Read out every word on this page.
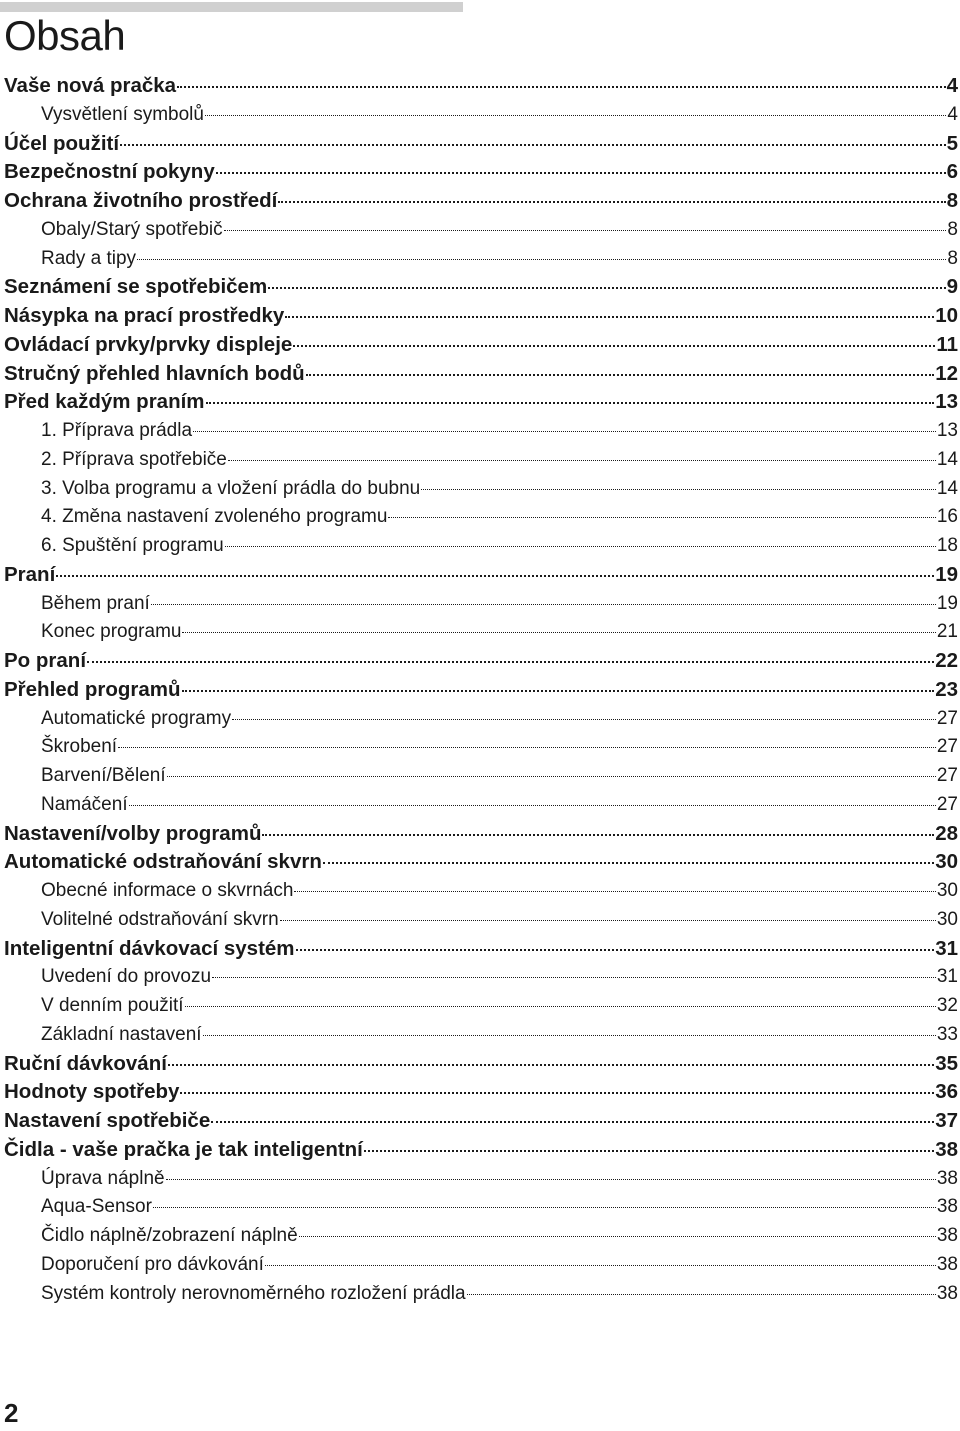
Obsah
Vaše nová pračka	4
Vysvětlení symbolů	4
Účel použití	5
Bezpečnostní pokyny	6
Ochrana životního prostředí	8
Obaly/Starý spotřebič	8
Rady a tipy	8
Seznámení se spotřebičem	9
Násypka na prací prostředky	10
Ovládací prvky/prvky displeje	11
Stručný přehled hlavních bodů	12
Před každým praním	13
1. Příprava prádla	13
2. Příprava spotřebiče	14
3. Volba programu a vložení prádla do bubnu	14
4. Změna nastavení zvoleného programu	16
6. Spuštění programu	18
Praní	19
Během praní	19
Konec programu	21
Po praní	22
Přehled programů	23
Automatické programy	27
Škrobení	27
Barvení/Bělení	27
Namáčení	27
Nastavení/volby programů	28
Automatické odstraňování skvrn	30
Obecné informace o skvrnách	30
Volitelné odstraňování skvrn	30
Inteligentní dávkovací systém	31
Uvedení do provozu	31
V denním použití	32
Základní nastavení	33
Ruční dávkování	35
Hodnoty spotřeby	36
Nastavení spotřebiče	37
Čidla - vaše pračka je tak inteligentní	38
Úprava náplně	38
Aqua-Sensor	38
Čidlo náplně/zobrazení náplně	38
Doporučení pro dávkování	38
Systém kontroly nerovnoměrného rozložení prádla	38
2
